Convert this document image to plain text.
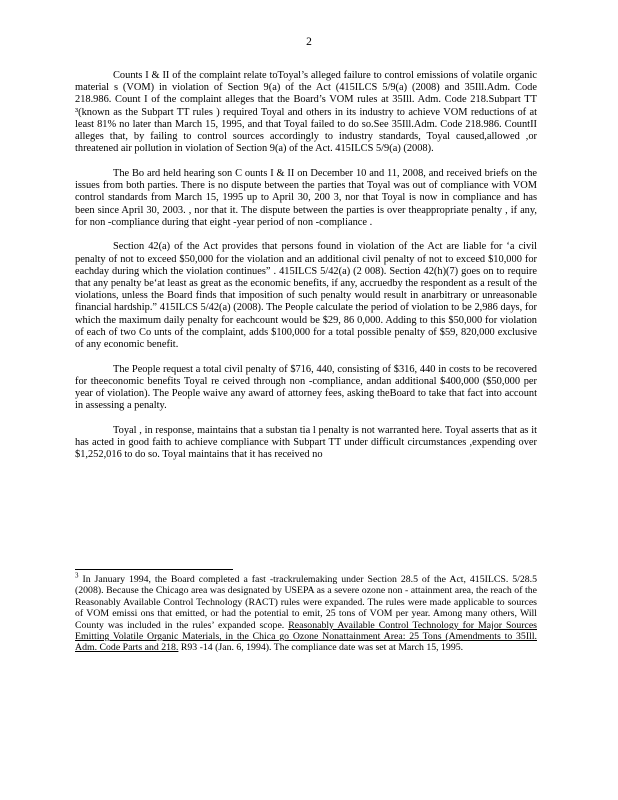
2

Counts I & II of the complaint relate toToyal’s alleged failure to control emissions of volatile organic material s (VOM) in violation of Section 9(a) of the Act (415ILCS 5/9(a) (2008) and 35Ill.Adm. Code 218.986. Count I of the complaint alleges that the Board’s VOM rules at 35Ill. Adm. Code 218.Subpart TT ³(known as the Subpart TT rules ) required Toyal and others in its industry to achieve VOM reductions of at least 81% no later than March 15, 1995, and that Toyal failed to do so.See 35Ill.Adm. Code 218.986. CountII alleges that, by failing to control sources accordingly to industry standards, Toyal caused,allowed ,or threatened air pollution in violation of Section 9(a) of the Act. 415ILCS 5/9(a) (2008).

The Bo ard held hearing son C ounts I & II on December 10 and 11, 2008, and received briefs on the issues from both parties. There is no dispute between the parties that Toyal was out of compliance with VOM control standards from March 15, 1995 up to April 30, 200 3, nor that Toyal is now in compliance and has been since April 30, 2003. , nor that it. The dispute between the parties is over theappropriate penalty , if any, for non -compliance during that eight -year period of non -compliance .

Section 42(a) of the Act provides that persons found in violation of the Act are liable for ‘a civil penalty of not to exceed $50,000 for the violation and an additional civil penalty of not to exceed $10,000 for eachday during which the violation continues” . 415ILCS 5/42(a) (2 008). Section 42(h)(7) goes on to require that any penalty be‘at least as great as the economic benefits, if any, accruedby the respondent as a result of the violations, unless the Board finds that imposition of such penalty would result in anarbitrary or unreasonable financial hardship.” 415ILCS 5/42(a) (2008). The People calculate the period of violation to be 2,986 days, for which the maximum daily penalty for eachcount would be $29, 86 0,000. Adding to this $50,000 for violation of each of two Co unts of the complaint, adds $100,000 for a total possible penalty of $59, 820,000 exclusive of any economic benefit.

The People request a total civil penalty of $716, 440, consisting of $316, 440 in costs to be recovered for theeconomic benefits Toyal re ceived through non -compliance, andan additional $400,000 ($50,000 per year of violation). The People waive any award of attorney fees, asking theBoard to take that fact into account in assessing a penalty.

Toyal , in response, maintains that a substan tia l penalty is not warranted here. Toyal asserts that as it has acted in good faith to achieve compliance with Subpart TT under difficult circumstances ,expending over $1,252,016 to do so. Toyal maintains that it has received no

$^3$ In January 1994, the Board completed a fast -trackrulemaking under Section 28.5 of the Act, 415ILCS. 5/28.5 (2008). Because the Chicago area was designated by USEPA as a severe ozone non - attainment area, the reach of the Reasonably Available Control Technology (RACT) rules were expanded. The rules were made applicable to sources of VOM emissi ons that emitted, or had the potential to emit, 25 tons of VOM per year. Among many others, Will County was included in the rules’ expanded scope. Reasonably Available Control Technology for Major Sources Emitting Volatile Organic Materials, in the Chica go Ozone Nonattainment Area: 25 Tons (Amendments to 35Ill. Adm. Code Parts and 218. R93 -14 (Jan. 6, 1994). The compliance date was set at March 15, 1995.
